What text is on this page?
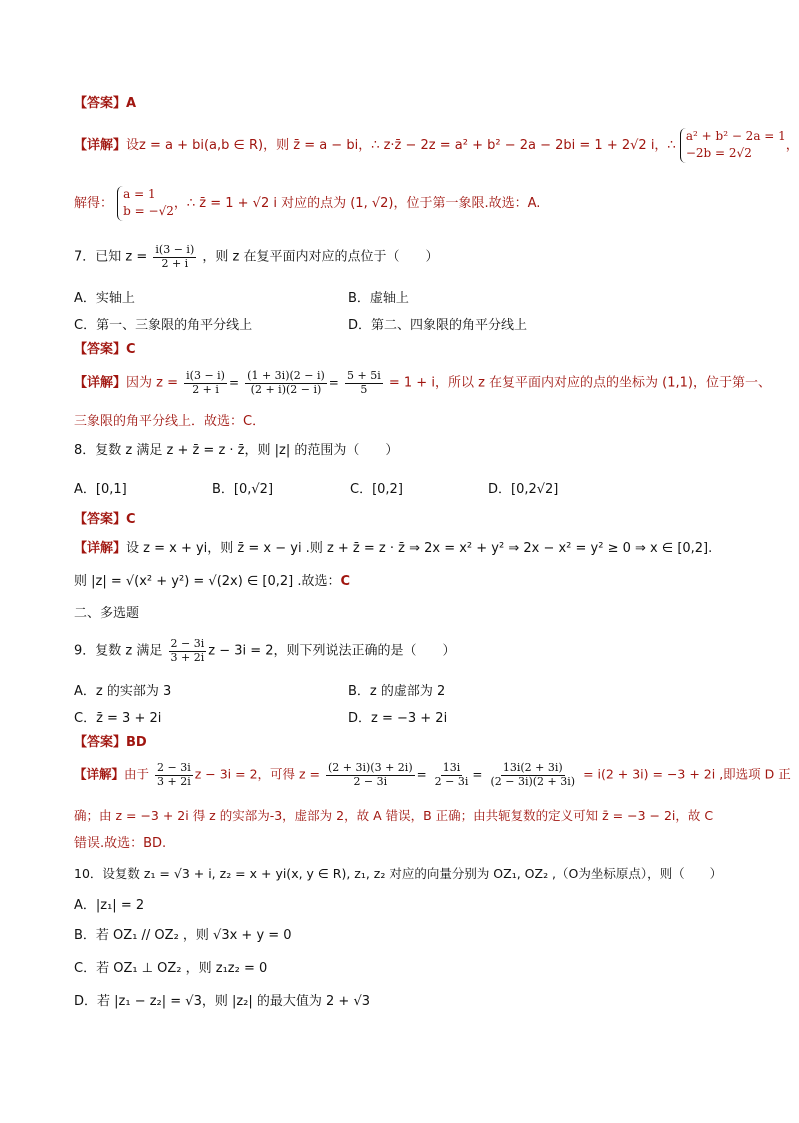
【答案】A
【详解】设z = a + bi(a,b ∈ R)，则 z̄ = a − bi，∴ z·z̄ − 2z = a² + b² − 2a − 2bi = 1 + 2√2 i，∴
a² + b² − 2a = 1
−2b = 2√2
，
解得：
a = 1
b = −√2
，∴ z̄ = 1 + √2 i 对应的点为 (1, √2)，位于第一象限.故选：A.
7．已知 $z = \frac{i(3 - i)}{2 + i}$ ，则 z 在复平面内对应的点位于（　　）
A．实轴上	B．虚轴上
C．第一、三象限的角平分线上	D．第二、四象限的角平分线上
【答案】C
【详解】因为 $z = \frac{i(3 - i)}{2 + i} = \frac{(1 + 3i)(2 - i)}{(2 + i)(2 - i)} = \frac{5 + 5i}{5} = 1 + i$，所以 z 在复平面内对应的点的坐标为 (1,1)，位于第一、
三象限的角平分线上．故选：C．
8．复数 z 满足 z + z̄ = z · z̄，则 |z| 的范围为（　　）
A．[0,1]	B．[0,√2]	C．[0,2]	D．[0,2√2]
【答案】C
【详解】设 z = x + yi，则 z̄ = x − yi .则 z + z̄ = z · z̄ ⇒ 2x = x² + y² ⇒ 2x − x² = y² ≥ 0 ⇒ x ∈ [0,2].
则 |z| = √(x² + y²) = √(2x) ∈ [0,2] .故选：C
二、多选题
9．复数 z 满足 $\frac{2 - 3i}{3 + 2i}$ z − 3i = 2，则下列说法正确的是（　　）
A．z 的实部为 3	B．z 的虚部为 2
C．z̄ = 3 + 2i	D．z = −3 + 2i
【答案】BD
【详解】由于 $\frac{2 - 3i}{3 + 2i}$ z − 3i = 2，可得 $z = \frac{(2 + 3i)(3 + 2i)}{2 - 3i} = \frac{13i}{2 - 3i} = \frac{13i(2 + 3i)}{(2 - 3i)(2 + 3i)} = i(2 + 3i) = -3 + 2i$ ,即选项 D 正
确；由 z = −3 + 2i 得 z 的实部为-3，虚部为 2，故 A 错误，B 正确；由共轭复数的定义可知 z̄ = −3 − 2i，故 C
错误.故选：BD.
10．设复数 z₁ = √3 + i, z₂ = x + yi(x, y ∈ R), z₁, z₂ 对应的向量分别为 OZ₁, OZ₂ ,（O为坐标原点），则（　　）
A．|z₁| = 2
B．若 OZ₁ // OZ₂ ，则 √3x + y = 0
C．若 OZ₁ ⊥ OZ₂ ，则 z₁z₂ = 0
D．若 |z₁ − z₂| = √3，则 |z₂| 的最大值为 2 + √3
